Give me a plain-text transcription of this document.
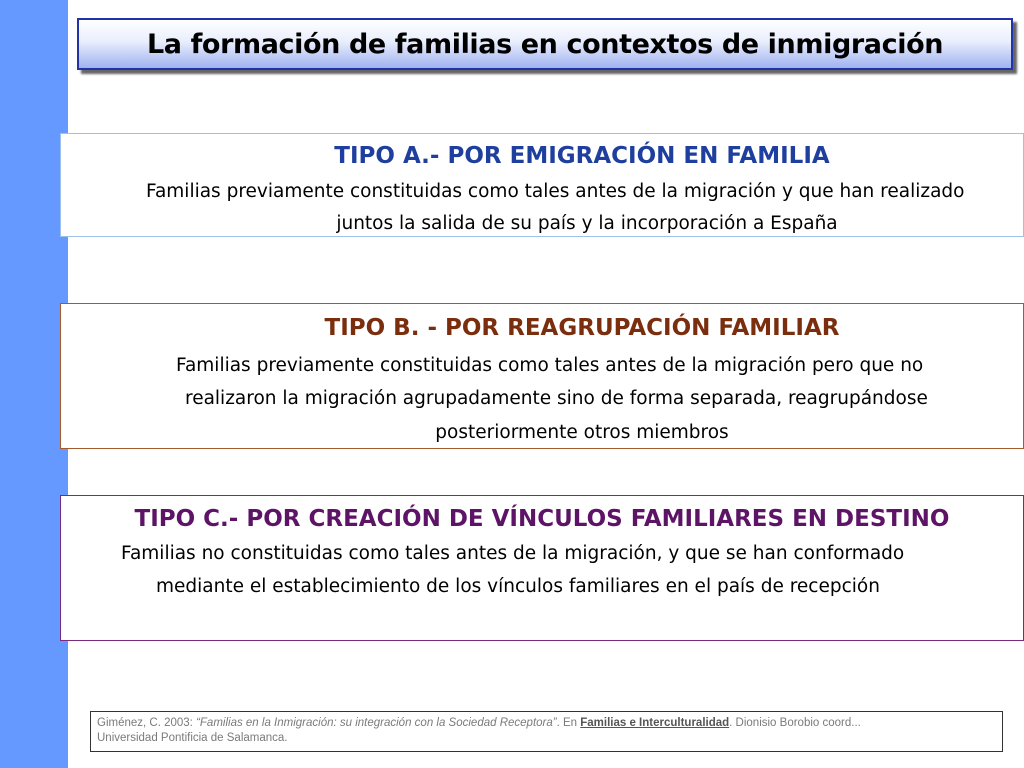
La formación de familias en contextos de inmigración
TIPO A.- POR EMIGRACIÓN EN FAMILIA
Familias previamente constituidas como tales antes de la migración y que han realizado
juntos la salida de su país y la incorporación a España
TIPO B. - POR REAGRUPACIÓN FAMILIAR
Familias previamente constituidas como tales antes de la migración pero que no
realizaron la migración agrupadamente sino de forma separada, reagrupándose
posteriormente otros miembros
TIPO C.- POR CREACIÓN DE VÍNCULOS FAMILIARES EN DESTINO
Familias no constituidas como tales antes de la migración, y que se han conformado
mediante el establecimiento de los vínculos familiares en el país de recepción
Giménez, C. 2003: “Familias en la Inmigración: su integración con la Sociedad Receptora”. En Familias e Interculturalidad. Dionisio Borobio coord...
Universidad Pontificia de Salamanca.
